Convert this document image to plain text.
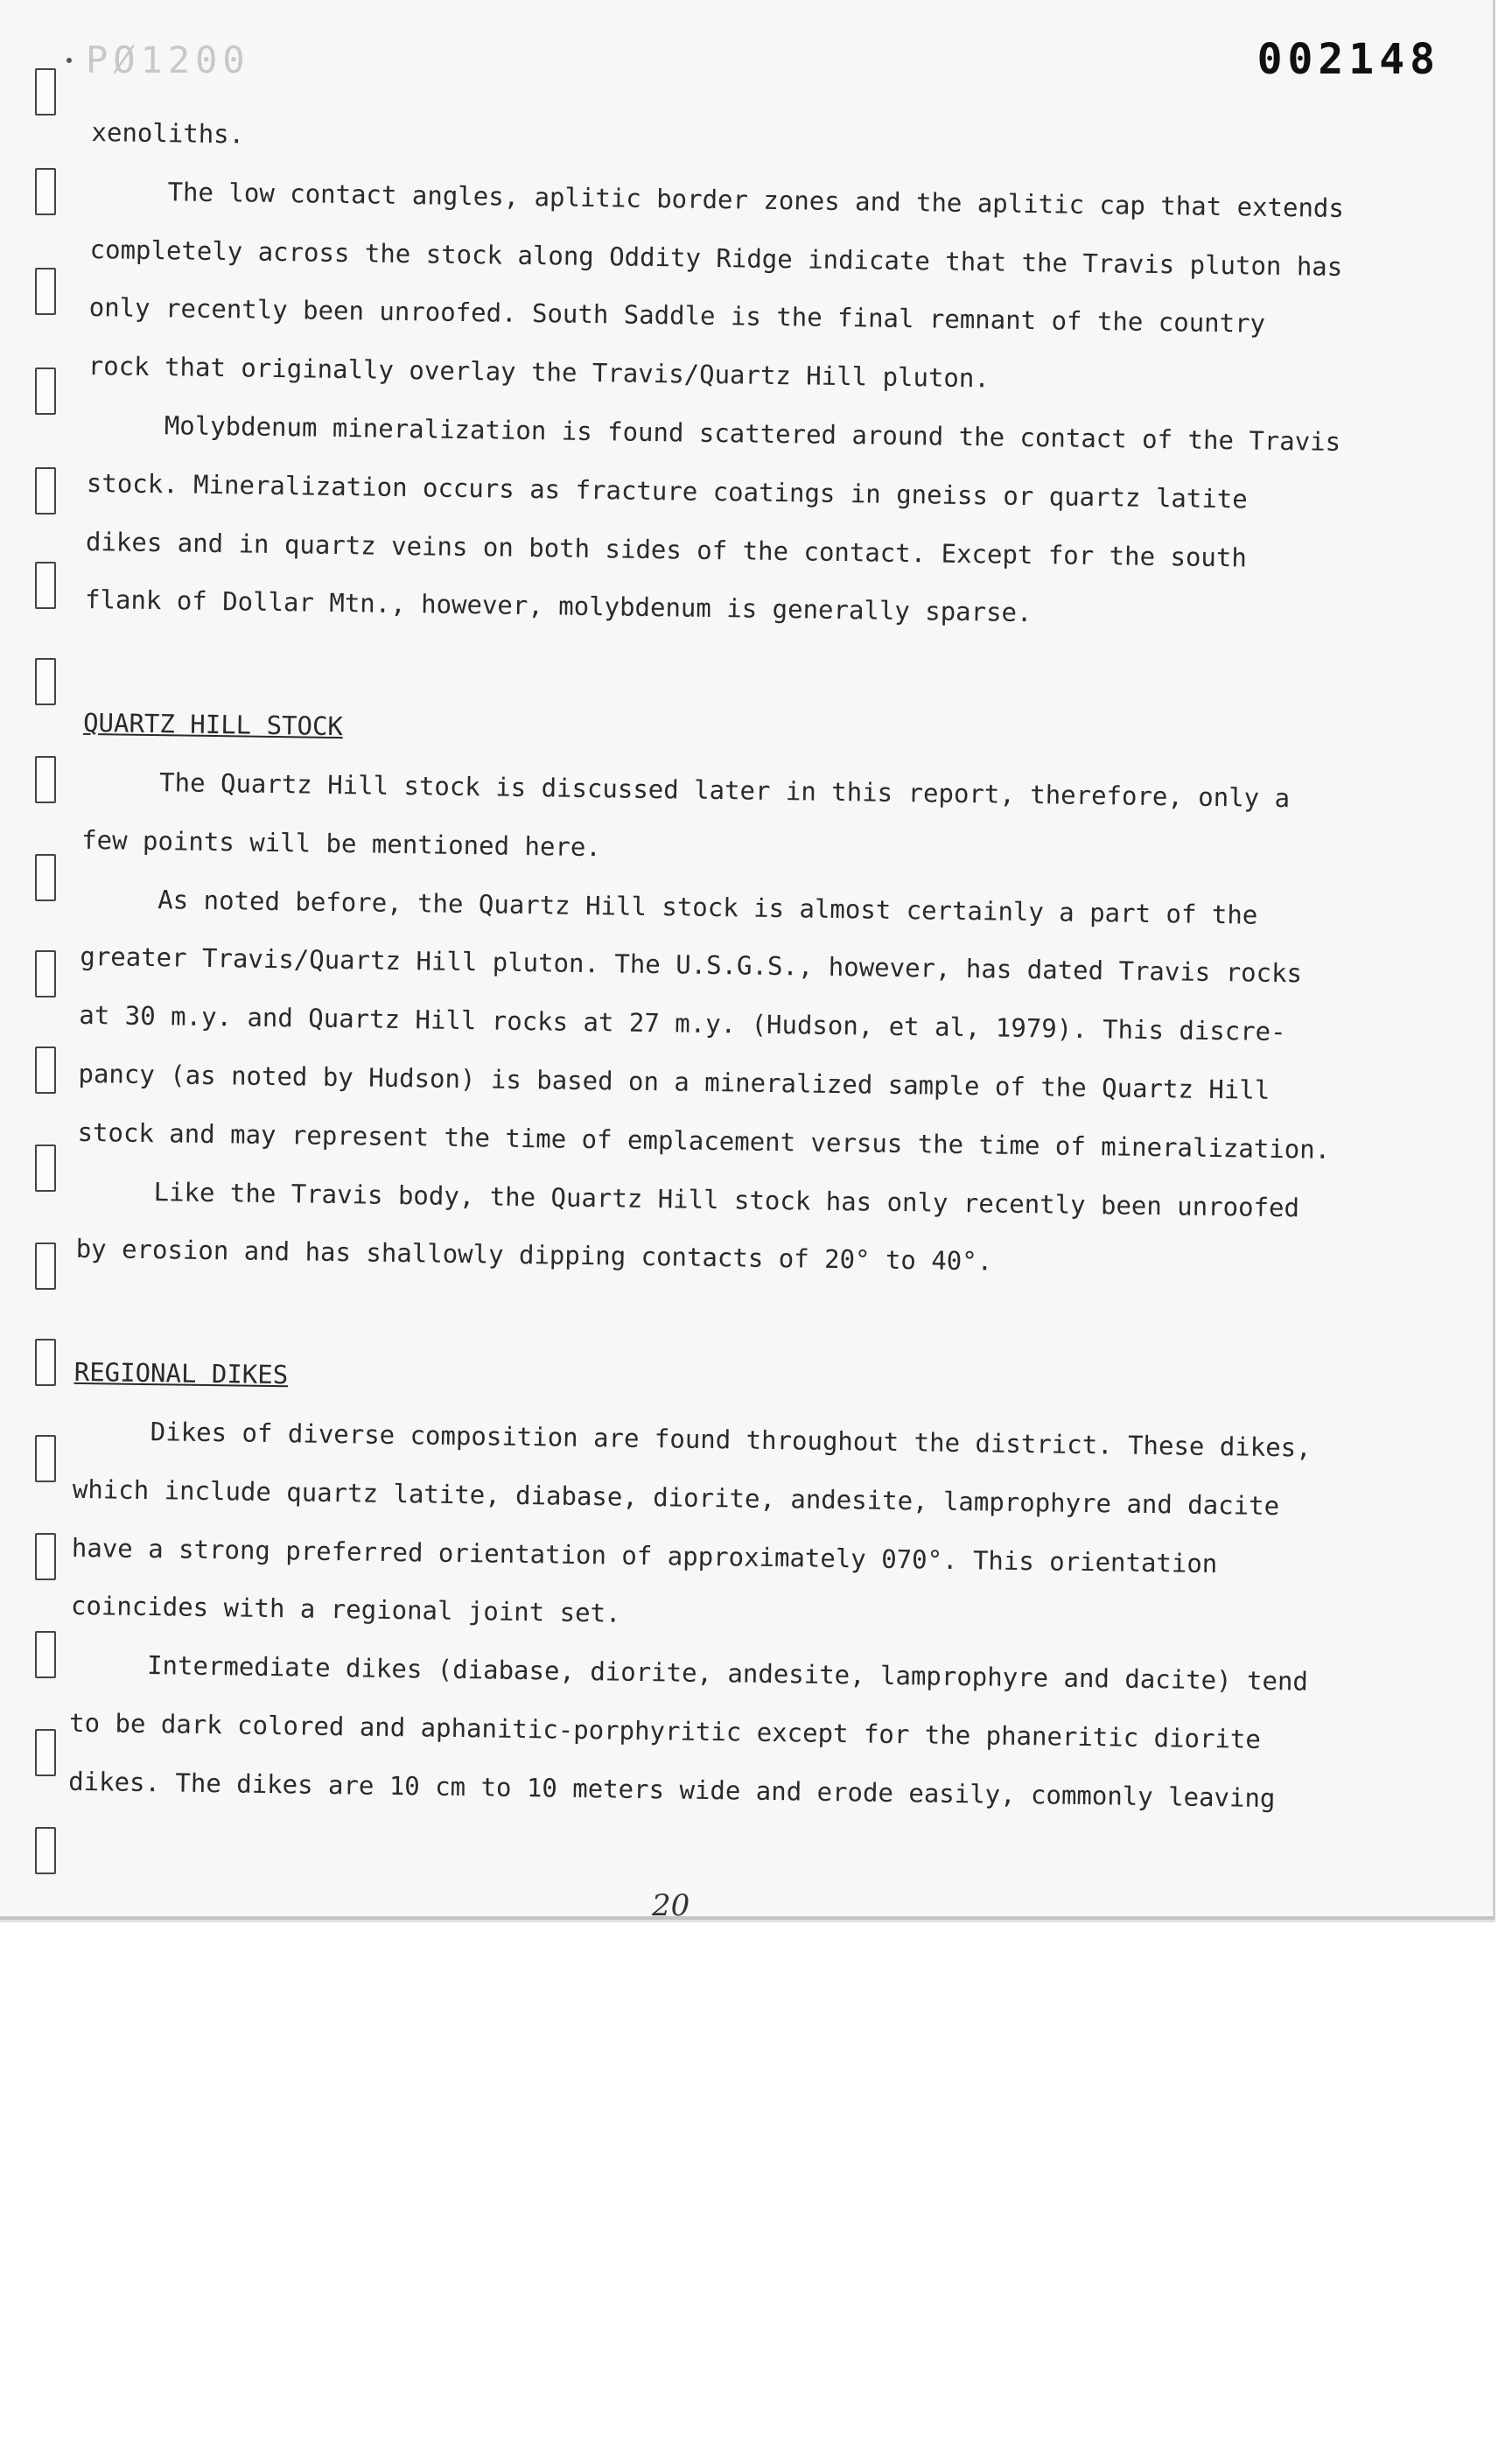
PØ1200	002148
xenoliths.
The low contact angles, aplitic border zones and the aplitic cap that extends
completely across the stock along Oddity Ridge indicate that the Travis pluton has
only recently been unroofed. South Saddle is the final remnant of the country
rock that originally overlay the Travis/Quartz Hill pluton.
Molybdenum mineralization is found scattered around the contact of the Travis
stock. Mineralization occurs as fracture coatings in gneiss or quartz latite
dikes and in quartz veins on both sides of the contact. Except for the south
flank of Dollar Mtn., however, molybdenum is generally sparse.
QUARTZ HILL STOCK
The Quartz Hill stock is discussed later in this report, therefore, only a
few points will be mentioned here.
As noted before, the Quartz Hill stock is almost certainly a part of the
greater Travis/Quartz Hill pluton. The U.S.G.S., however, has dated Travis rocks
at 30 m.y. and Quartz Hill rocks at 27 m.y. (Hudson, et al, 1979). This discre-
pancy (as noted by Hudson) is based on a mineralized sample of the Quartz Hill
stock and may represent the time of emplacement versus the time of mineralization.
Like the Travis body, the Quartz Hill stock has only recently been unroofed
by erosion and has shallowly dipping contacts of 20° to 40°.
REGIONAL DIKES
Dikes of diverse composition are found throughout the district. These dikes,
which include quartz latite, diabase, diorite, andesite, lamprophyre and dacite
have a strong preferred orientation of approximately 070°. This orientation
coincides with a regional joint set.
Intermediate dikes (diabase, diorite, andesite, lamprophyre and dacite) tend
to be dark colored and aphanitic-porphyritic except for the phaneritic diorite
dikes. The dikes are 10 cm to 10 meters wide and erode easily, commonly leaving
20
